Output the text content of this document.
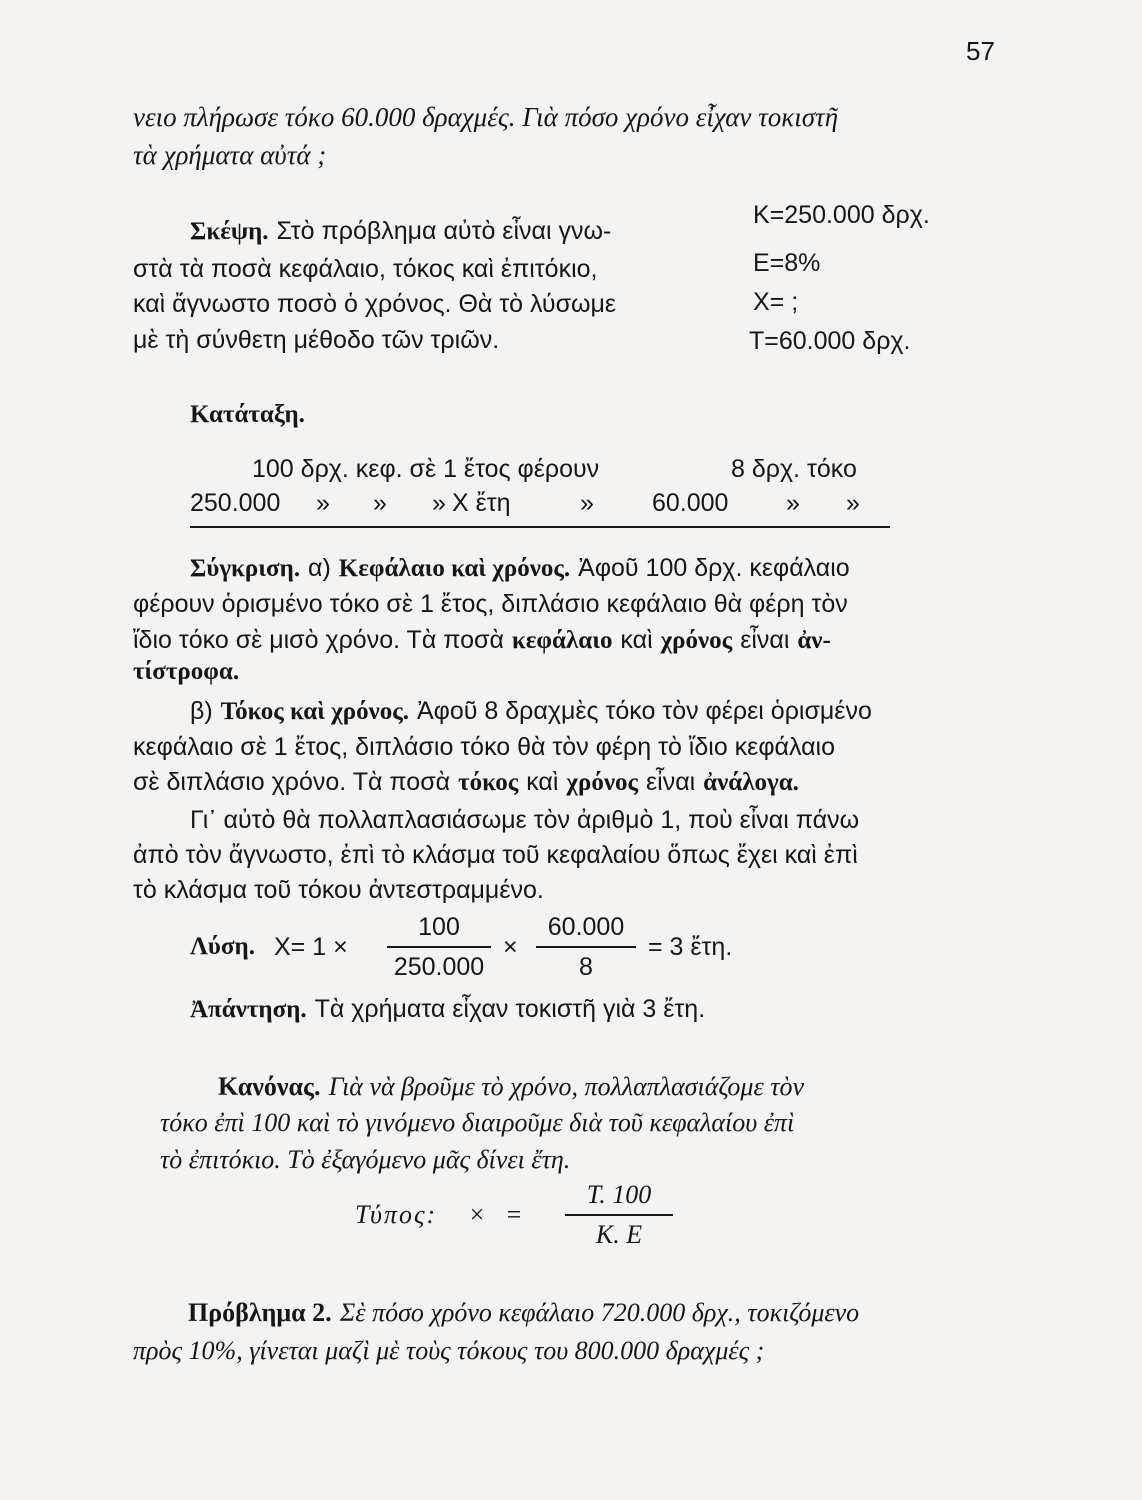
57
νειο πλήρωσε τόκο 60.000 δραχμές. Γιὰ πόσο χρόνο εἶχαν τοκιστῆ
τὰ χρήματα αὐτά ;
Σκέψη. Στὸ πρόβλημα αὐτὸ εἶναι γνω-
στὰ τὰ ποσὰ κεφάλαιο, τόκος καὶ ἐπιτόκιο,
καὶ ἄγνωστο ποσὸ ὁ χρόνος. Θὰ τὸ λύσωμε
μὲ τὴ σύνθετη μέθοδο τῶν τριῶν.
K=250.000 δρχ.
E=8%
X= ;
T=60.000 δρχ.
Κατάταξη.
100 δρχ. κεφ. σὲ 1 ἔτος φέρουν	8 δρχ. τόκο
250.000 » » » X ἔτη	» 60.000 » »
Σύγκριση. α) Κεφάλαιο καὶ χρόνος. Ἀφοῦ 100 δρχ. κεφάλαιο
φέρουν ὁρισμένο τόκο σὲ 1 ἔτος, διπλάσιο κεφάλαιο θὰ φέρη τὸν
ἴδιο τόκο σὲ μισὸ χρόνο. Τὰ ποσὰ κεφάλαιο καὶ χρόνος εἶναι ἀν-
τίστροφα.
β) Τόκος καὶ χρόνος. Ἀφοῦ 8 δραχμὲς τόκο τὸν φέρει ὁρισμένο
κεφάλαιο σὲ 1 ἔτος, διπλάσιο τόκο θὰ τὸν φέρη τὸ ἴδιο κεφάλαιο
σὲ διπλάσιο χρόνο. Τὰ ποσὰ τόκος καὶ χρόνος εἶναι ἀνάλογα.
Γι᾽ αὐτὸ θὰ πολλαπλασιάσωμε τὸν ἀριθμὸ 1, ποὺ εἶναι πάνω
ἀπὸ τὸν ἄγνωστο, ἐπὶ τὸ κλάσμα τοῦ κεφαλαίου ὅπως ἔχει καὶ ἐπὶ
τὸ κλάσμα τοῦ τόκου ἀντεστραμμένο.
Λύση. $X= 1 \times \frac{100}{250.000} \times \frac{60.000}{8} = 3$ ἔτη.
Ἀπάντηση. Τὰ χρήματα εἶχαν τοκιστῆ γιὰ 3 ἔτη.
Κανόνας. Γιὰ νὰ βροῦμε τὸ χρόνο, πολλαπλασιάζομε τὸν
τόκο ἐπὶ 100 καὶ τὸ γινόμενο διαιροῦμε διὰ τοῦ κεφαλαίου ἐπὶ
τὸ ἐπιτόκιο. Τὸ ἐξαγόμενο μᾶς δίνει ἔτη.
Τύπος: × = $\frac{T. 100}{K. E}$
Πρόβλημα 2. Σὲ πόσο χρόνο κεφάλαιο 720.000 δρχ., τοκιζόμενο
πρὸς 10%, γίνεται μαζὶ μὲ τοὺς τόκους του 800.000 δραχμές ;
